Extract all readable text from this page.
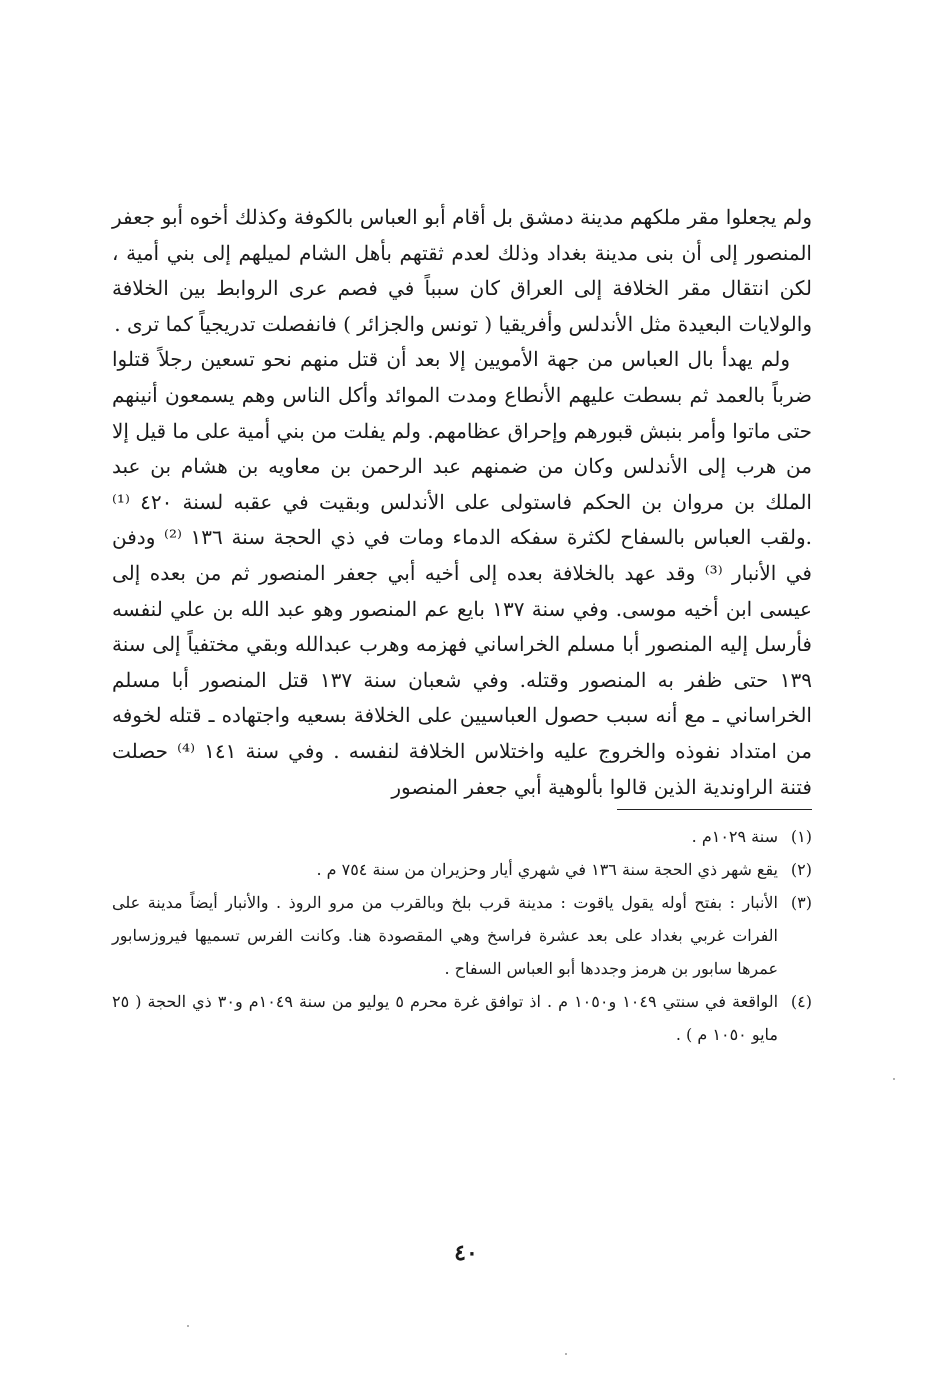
ولم يجعلوا مقر ملكهم مدينة دمشق بل أقام أبو العباس بالكوفة وكذلك أخوه أبو جعفر المنصور إلى أن بنى مدينة بغداد وذلك لعدم ثقتهم بأهل الشام لميلهم إلى بني أمية ، لكن انتقال مقر الخلافة إلى العراق كان سبباً في فصم عرى الروابط بين الخلافة والولايات البعيدة مثل الأندلس وأفريقيا ( تونس والجزائر ) فانفصلت تدريجياً كما ترى .

ولم يهدأ بال العباس من جهة الأمويين إلا بعد أن قتل منهم نحو تسعين رجلاً قتلوا ضرباً بالعمد ثم بسطت عليهم الأنطاع ومدت الموائد وأكل الناس وهم يسمعون أنينهم حتى ماتوا وأمر بنبش قبورهم وإحراق عظامهم. ولم يفلت من بني أمية على ما قيل إلا من هرب إلى الأندلس وكان من ضمنهم عبد الرحمن بن معاويه بن هشام بن عبد الملك بن مروان بن الحكم فاستولى على الأندلس وبقيت في عقبه لسنة ٤٢٠ ⁽¹⁾ .ولقب العباس بالسفاح لكثرة سفكه الدماء ومات في ذي الحجة سنة ١٣٦ ⁽²⁾ ودفن في الأنبار ⁽³⁾ وقد عهد بالخلافة بعده إلى أخيه أبي جعفر المنصور ثم من بعده إلى عيسى ابن أخيه موسى. وفي سنة ١٣٧ بايع عم المنصور وهو عبد الله بن علي لنفسه فأرسل إليه المنصور أبا مسلم الخراساني فهزمه وهرب عبدالله وبقي مختفياً إلى سنة ١٣٩ حتى ظفر به المنصور وقتله. وفي شعبان سنة ١٣٧ قتل المنصور أبا مسلم الخراساني ـ مع أنه سبب حصول العباسيين على الخلافة بسعيه واجتهاده ـ قتله لخوفه من امتداد نفوذه والخروج عليه واختلاس الخلافة لنفسه . وفي سنة ١٤١ ⁽⁴⁾ حصلت فتنة الراوندية الذين قالوا بألوهية أبي جعفر المنصور

(١)
سنة ١٠٢٩م .
(٢)
يقع شهر ذي الحجة سنة ١٣٦ في شهري أيار وحزيران من سنة ٧٥٤ م .
(٣)
الأنبار : بفتح أوله يقول ياقوت : مدينة قرب بلخ وبالقرب من مرو الروذ . والأنبار أيضاً مدينة على الفرات غربي بغداد على بعد عشرة فراسخ وهي المقصودة هنا. وكانت الفرس تسميها فيروزسابور عمرها سابور بن هرمز وجددها أبو العباس السفاح .
(٤)
الواقعة في سنتي ١٠٤٩ و١٠٥٠ م . اذ توافق غرة محرم ٥ يوليو من سنة ١٠٤٩م و٣٠ ذي الحجة ( ٢٥ مايو ١٠٥٠ م ) .
٤٠
